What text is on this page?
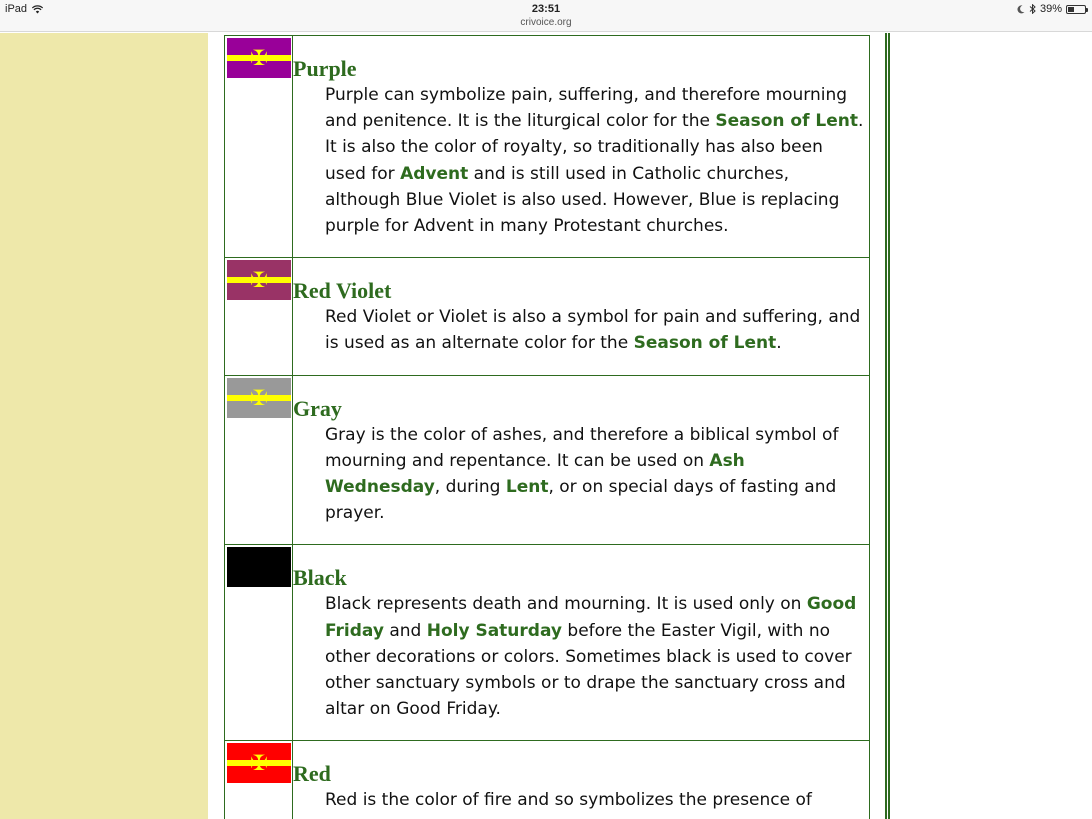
iPad	23:51
crivoice.org
39%
✠	Purple
Purple can symbolize pain, suffering, and therefore mourning and penitence. It is the liturgical color for the Season of Lent. It is also the color of royalty, so traditionally has also been used for Advent and is still used in Catholic churches, although Blue Violet is also used. However, Blue is replacing purple for Advent in many Protestant churches.

✠	Red Violet
Red Violet or Violet is also a symbol for pain and suffering, and is used as an alternate color for the Season of Lent.

✠	Gray
Gray is the color of ashes, and therefore a biblical symbol of mourning and repentance. It can be used on Ash Wednesday, during Lent, or on special days of fasting and prayer.

	Black
Black represents death and mourning. It is used only on Good Friday and Holy Saturday before the Easter Vigil, with no other decorations or colors. Sometimes black is used to cover other sanctuary symbols or to drape the sanctuary cross and altar on Good Friday.

✠	Red
Red is the color of fire and so symbolizes the presence of
